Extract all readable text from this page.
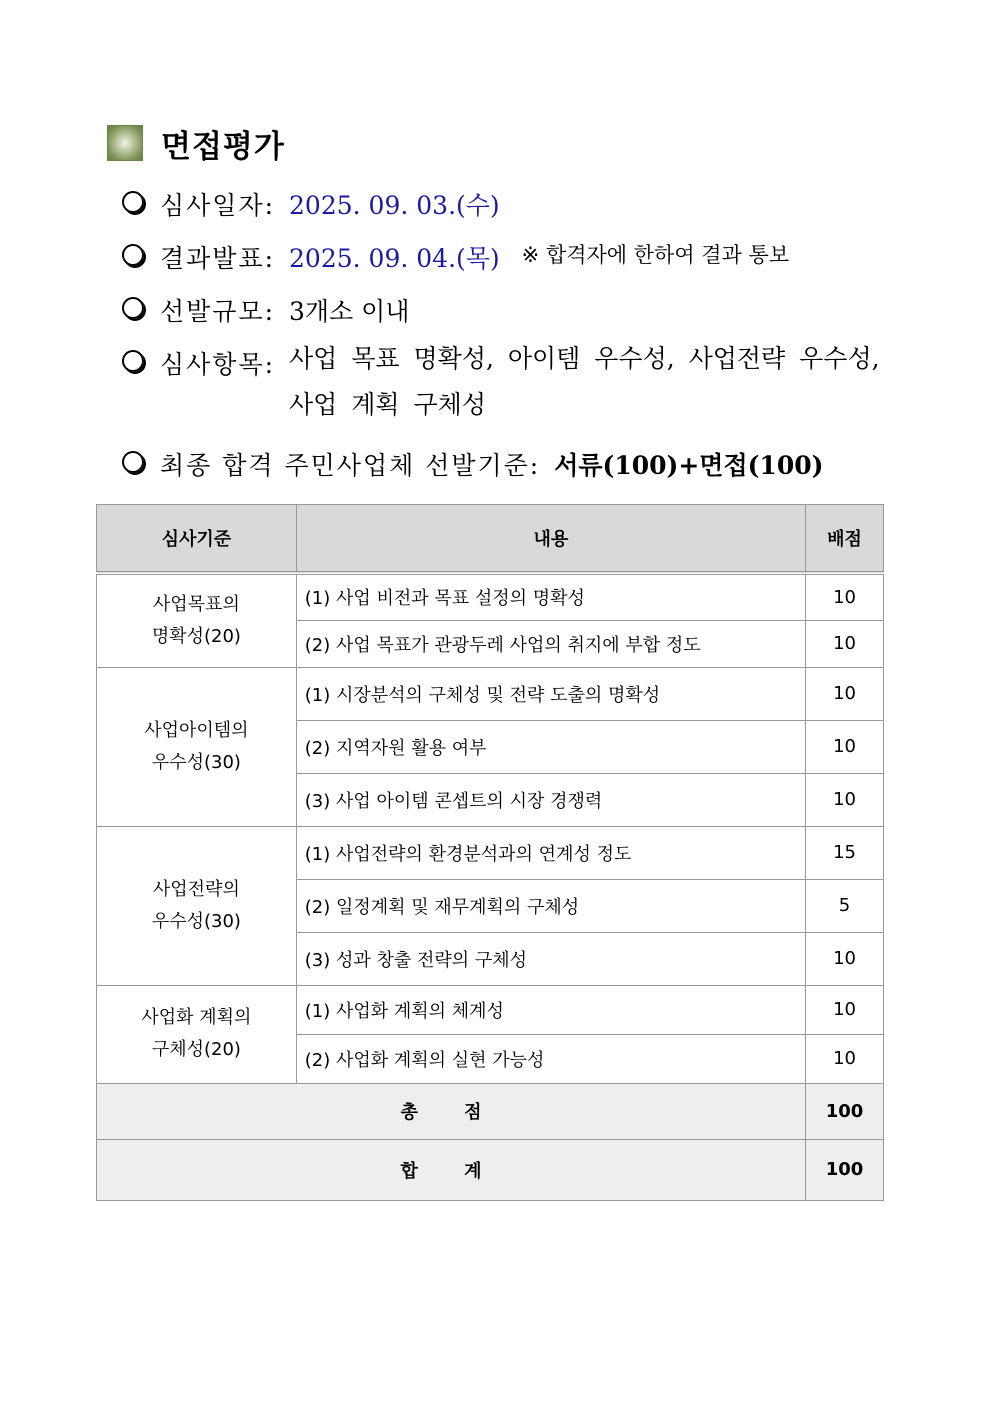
면접평가
심사일자: 2025. 09. 03.(수)
결과발표: 2025. 09. 04.(목) ※ 합격자에 한하여 결과 통보
선발규모: 3개소 이내
심사항목: 사업 목표 명확성, 아이템 우수성, 사업전략 우수성, 사업 계획 구체성
최종 합격 주민사업체 선발기준: 서류(100)+면접(100)
심사기준	내용	배점

사업목표의
명확성(20)	(1) 사업 비전과 목표 설정의 명확성	10
	(2) 사업 목표가 관광두레 사업의 취지에 부합 정도	10

사업아이템의
우수성(30)	(1) 시장분석의 구체성 및 전략 도출의 명확성	10
	(2) 지역자원 활용 여부	10
	(3) 사업 아이템 콘셉트의 시장 경쟁력	10

사업전략의
우수성(30)	(1) 사업전략의 환경분석과의 연계성 정도	15
	(2) 일정계획 및 재무계획의 구체성	5
	(3) 성과 창출 전략의 구체성	10

사업화 계획의
구체성(20)	(1) 사업화 계획의 체계성	10
	(2) 사업화 계획의 실현 가능성	10
총 점		100
합 계		100
